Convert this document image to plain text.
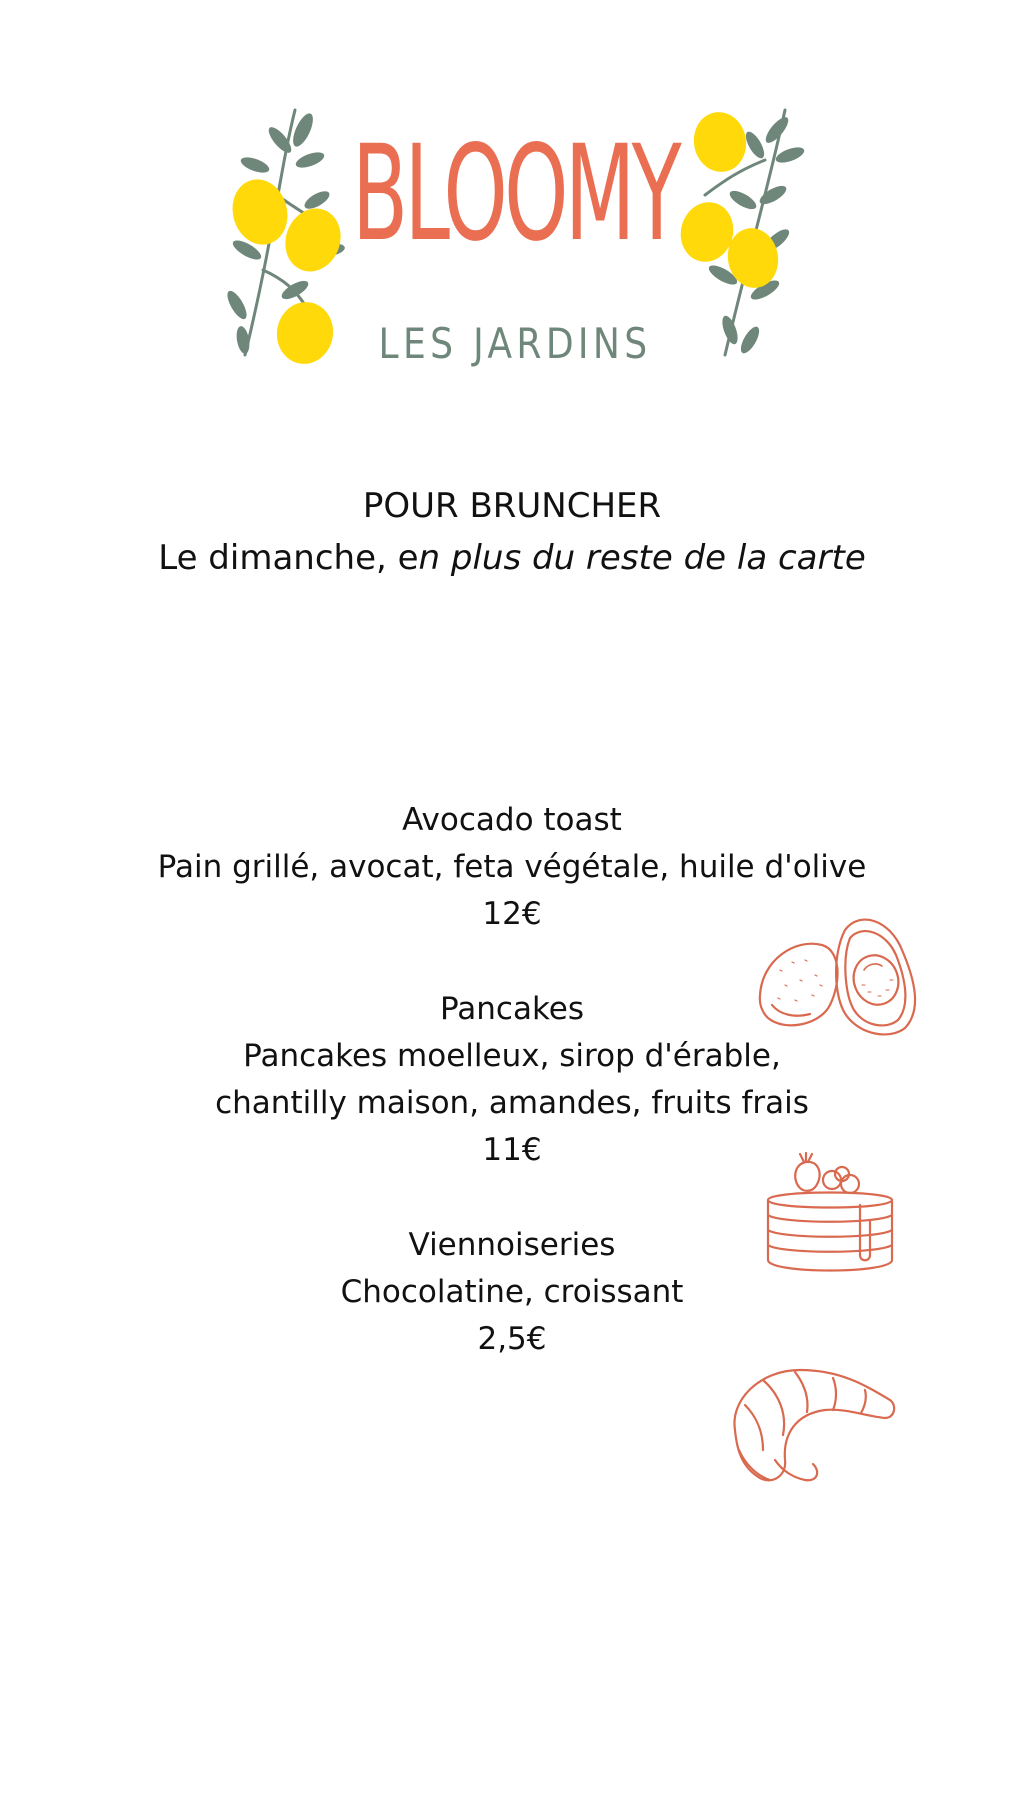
BLOOMY
LES JARDINS
POUR BRUNCHER
Le dimanche, en plus du reste de la carte
Avocado toast
Pain grillé, avocat, feta végétale, huile d'olive
12€
Pancakes
Pancakes moelleux, sirop d'érable,
chantilly maison, amandes, fruits frais
11€
Viennoiseries
Chocolatine, croissant
2,5€
